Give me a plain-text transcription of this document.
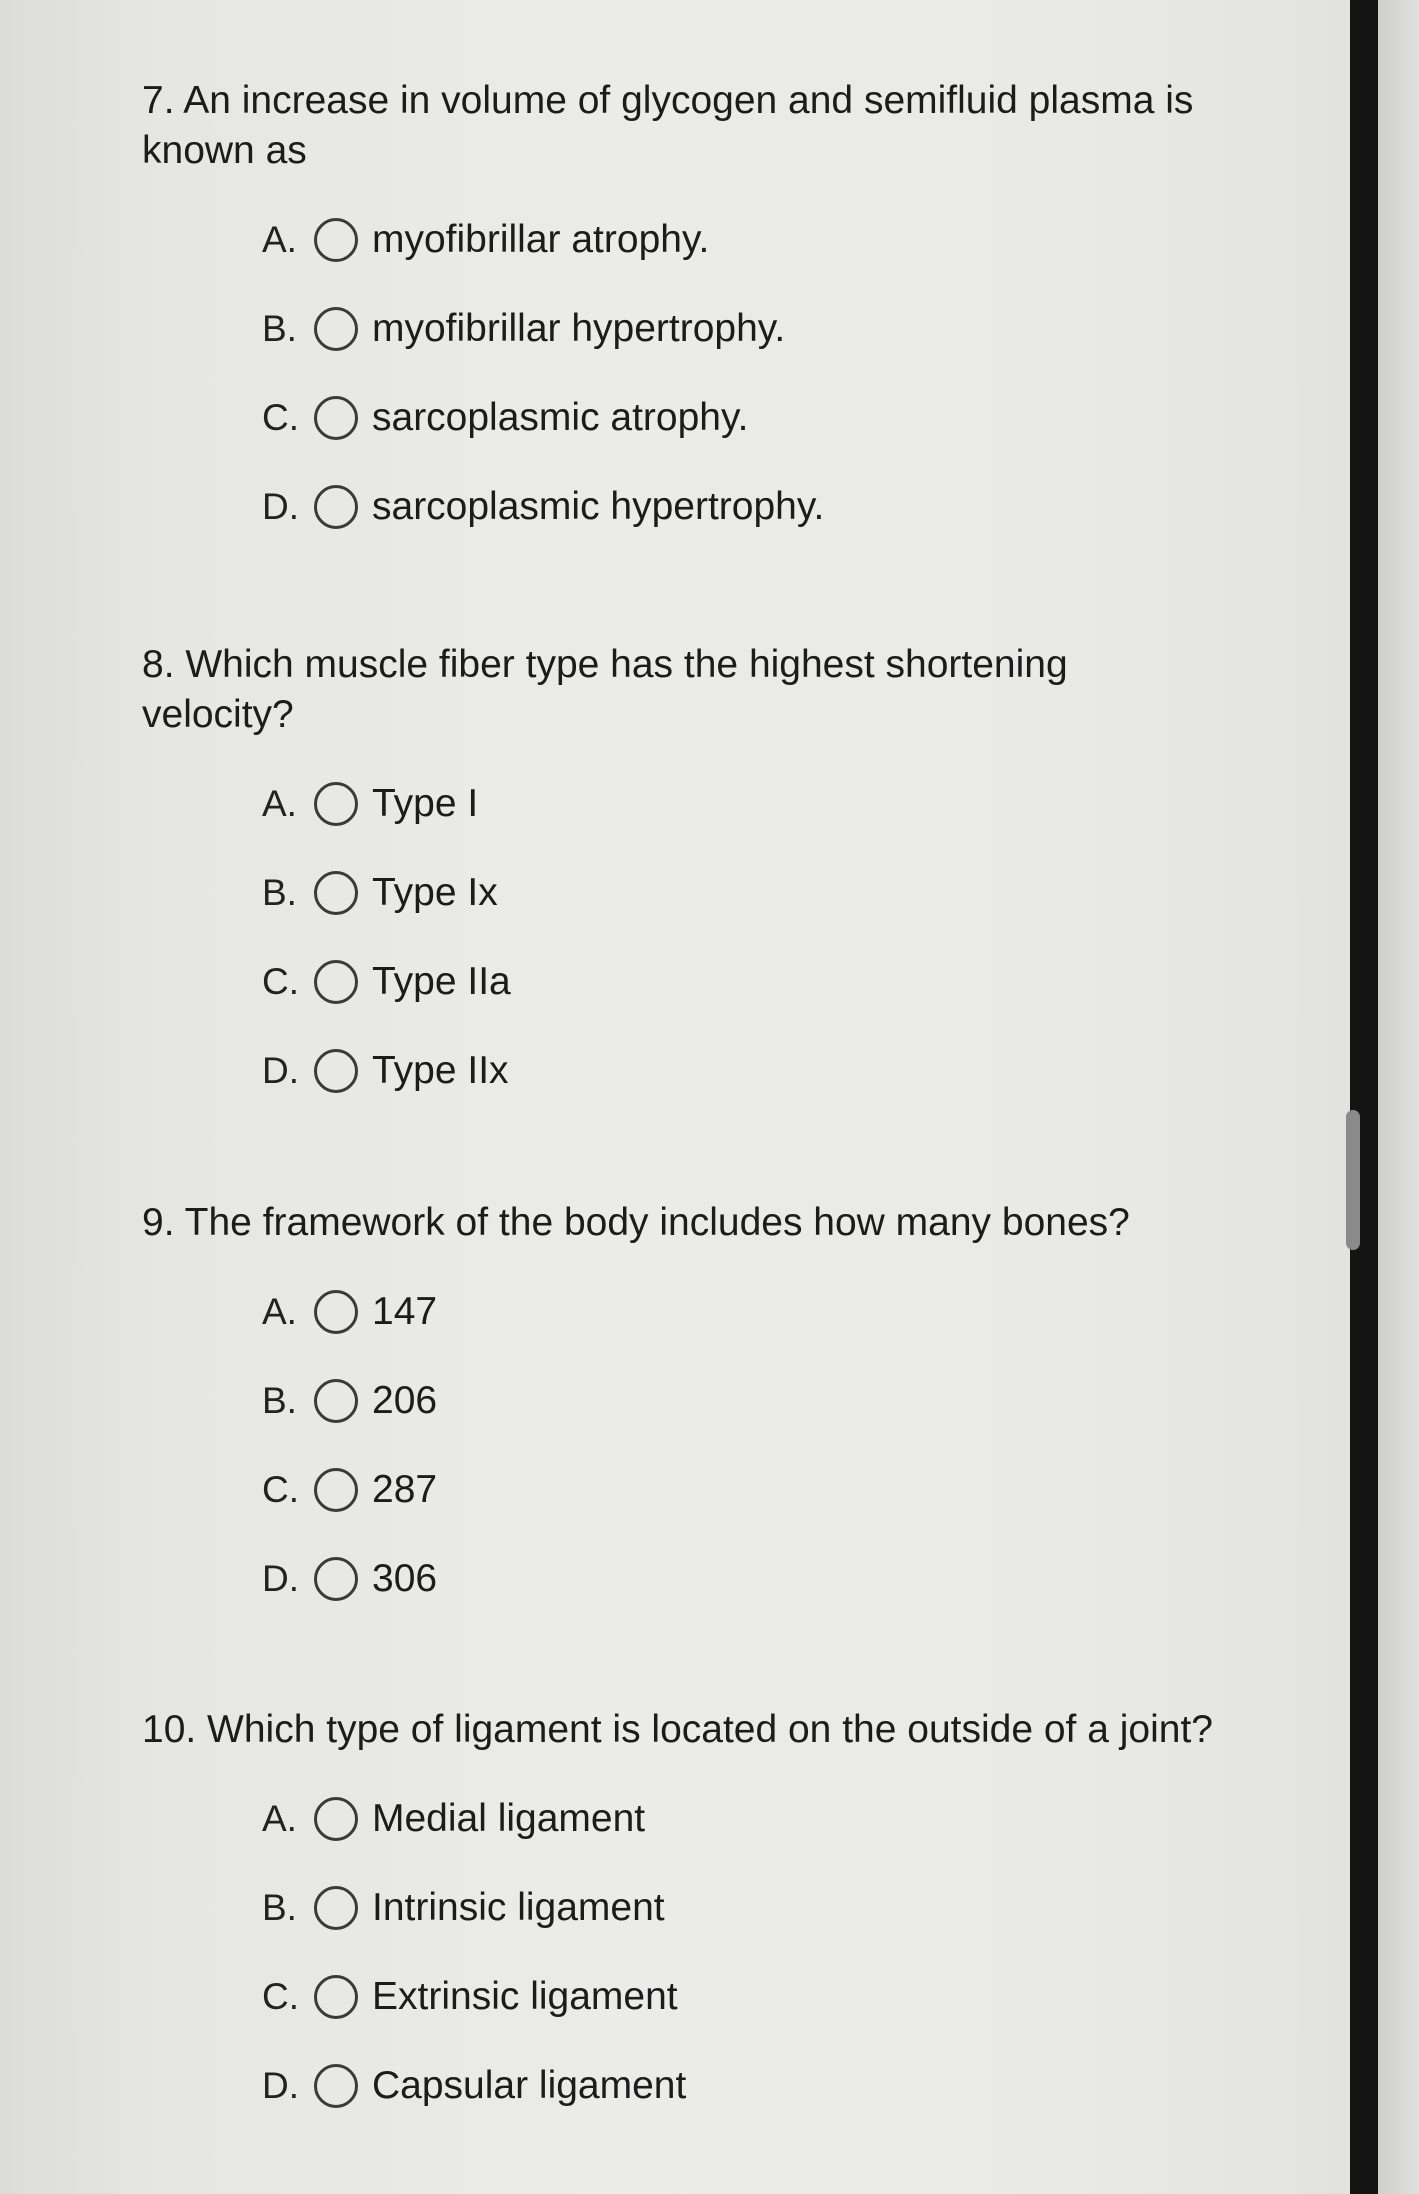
7. An increase in volume of glycogen and semifluid plasma is known as

A.	myofibrillar atrophy.
B.	myofibrillar hypertrophy.
C.	sarcoplasmic atrophy.
D.	sarcoplasmic hypertrophy.

8. Which muscle fiber type has the highest shortening velocity?

A.	Type I
B.	Type Ix
C.	Type IIa
D.	Type IIx

9. The framework of the body includes how many bones?

A.	147
B.	206
C.	287
D.	306

10. Which type of ligament is located on the outside of a joint?

A.	Medial ligament
B.	Intrinsic ligament
C.	Extrinsic ligament
D.	Capsular ligament
